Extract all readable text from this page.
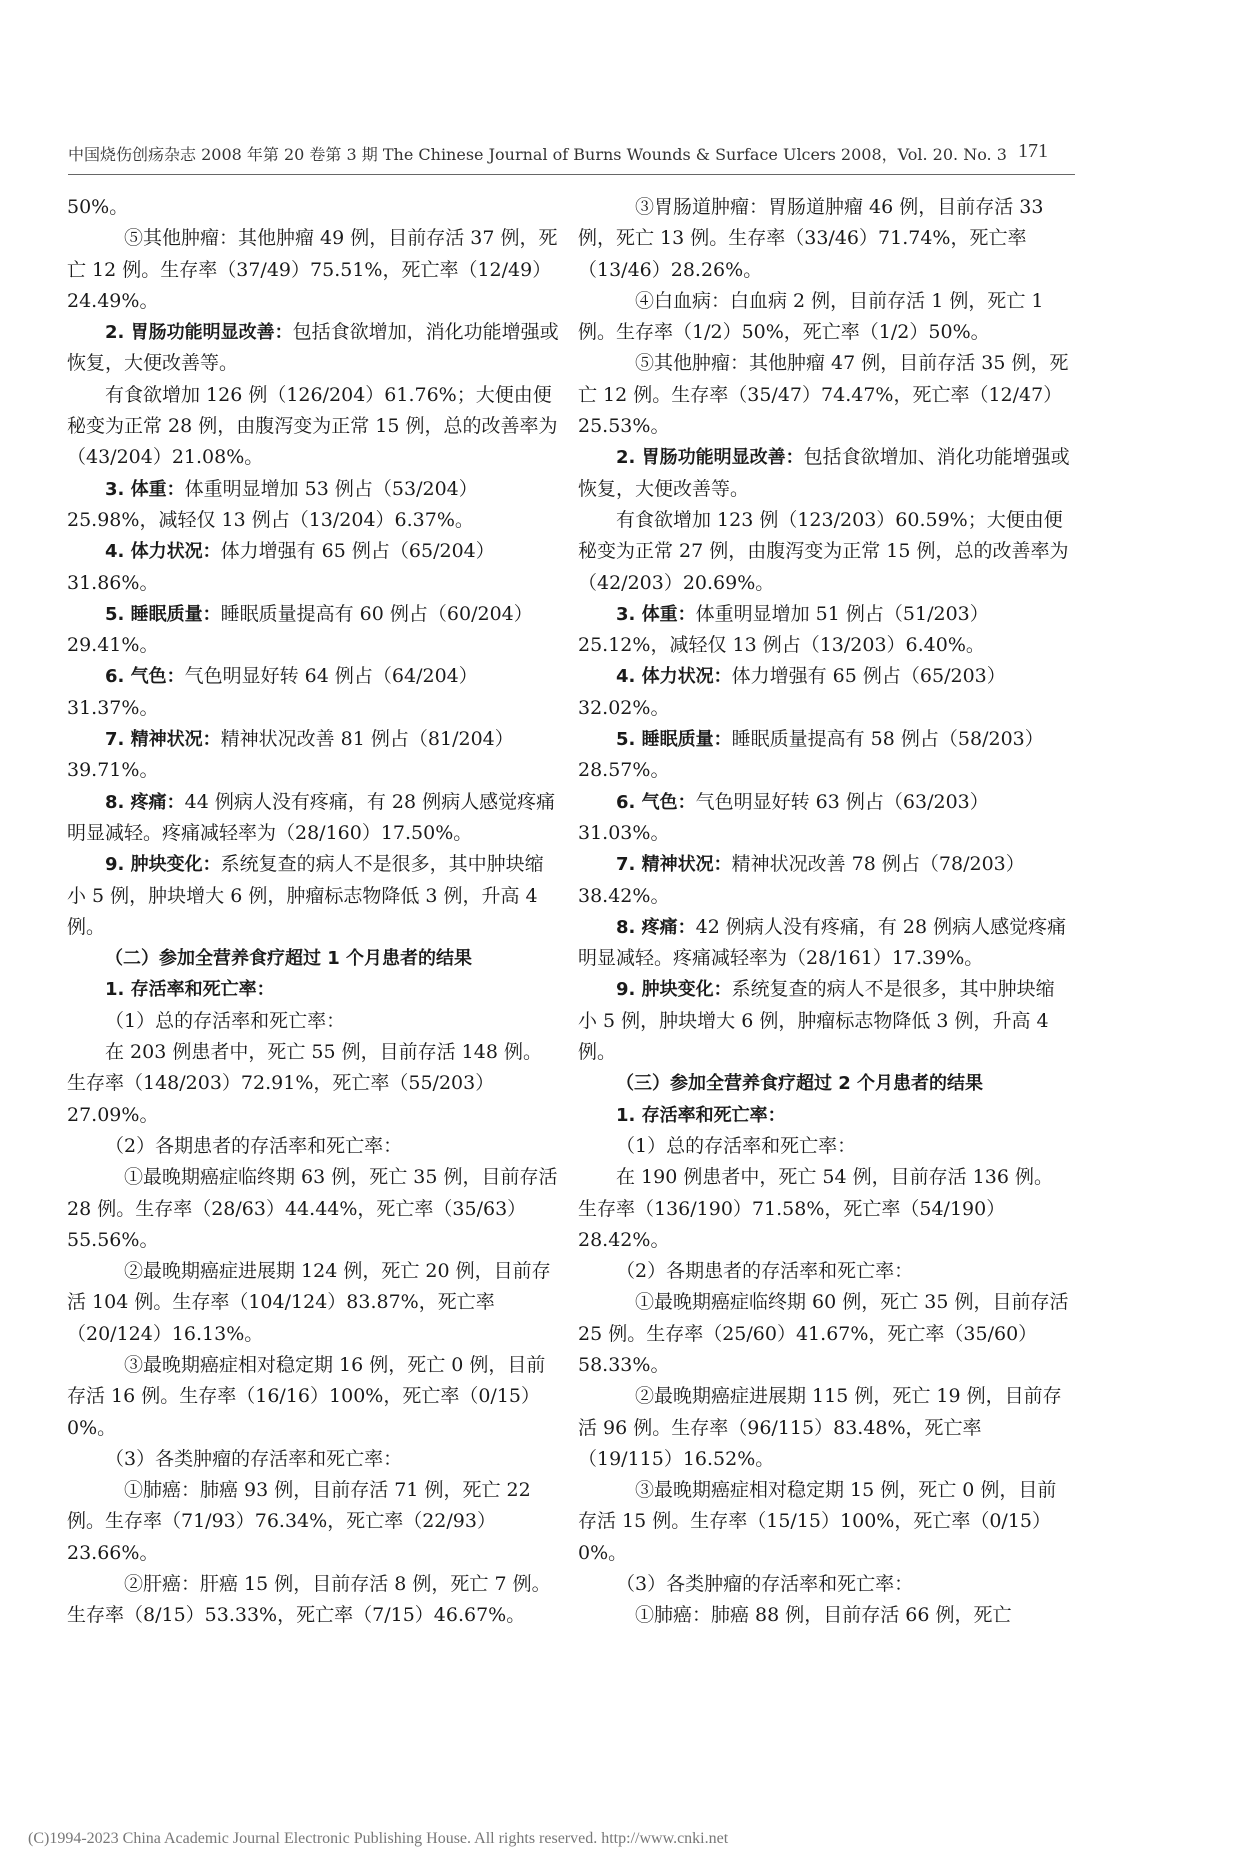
中国烧伤创疡杂志 2008 年第 20 卷第 3 期 The Chinese Journal of Burns Wounds & Surface Ulcers 2008，Vol. 20. No. 3 171

50%。

⑤其他肿瘤：其他肿瘤 49 例，目前存活 37 例，死亡 12 例。生存率（37/49）75.51%，死亡率（12/49）24.49%。

2. 胃肠功能明显改善：包括食欲增加，消化功能增强或恢复，大便改善等。

有食欲增加 126 例（126/204）61.76%；大便由便秘变为正常 28 例，由腹泻变为正常 15 例，总的改善率为（43/204）21.08%。

3. 体重：体重明显增加 53 例占（53/204）25.98%，减轻仅 13 例占（13/204）6.37%。

4. 体力状况：体力增强有 65 例占（65/204）31.86%。

5. 睡眠质量：睡眠质量提高有 60 例占（60/204）29.41%。

6. 气色：气色明显好转 64 例占（64/204）31.37%。

7. 精神状况：精神状况改善 81 例占（81/204）39.71%。

8. 疼痛：44 例病人没有疼痛，有 28 例病人感觉疼痛明显减轻。疼痛减轻率为（28/160）17.50%。

9. 肿块变化：系统复查的病人不是很多，其中肿块缩小 5 例，肿块增大 6 例，肿瘤标志物降低 3 例，升高 4 例。

（二）参加全营养食疗超过 1 个月患者的结果

1. 存活率和死亡率：

（1）总的存活率和死亡率：

在 203 例患者中，死亡 55 例，目前存活 148 例。生存率（148/203）72.91%，死亡率（55/203）27.09%。

（2）各期患者的存活率和死亡率：

①最晚期癌症临终期 63 例，死亡 35 例，目前存活 28 例。生存率（28/63）44.44%，死亡率（35/63）55.56%。

②最晚期癌症进展期 124 例，死亡 20 例，目前存活 104 例。生存率（104/124）83.87%，死亡率（20/124）16.13%。

③最晚期癌症相对稳定期 16 例，死亡 0 例，目前存活 16 例。生存率（16/16）100%，死亡率（0/15）0%。

（3）各类肿瘤的存活率和死亡率：

①肺癌：肺癌 93 例，目前存活 71 例，死亡 22 例。生存率（71/93）76.34%，死亡率（22/93）23.66%。

②肝癌：肝癌 15 例，目前存活 8 例，死亡 7 例。生存率（8/15）53.33%，死亡率（7/15）46.67%。

③胃肠道肿瘤：胃肠道肿瘤 46 例，目前存活 33 例，死亡 13 例。生存率（33/46）71.74%，死亡率（13/46）28.26%。

④白血病：白血病 2 例，目前存活 1 例，死亡 1 例。生存率（1/2）50%，死亡率（1/2）50%。

⑤其他肿瘤：其他肿瘤 47 例，目前存活 35 例，死亡 12 例。生存率（35/47）74.47%，死亡率（12/47）25.53%。

2. 胃肠功能明显改善：包括食欲增加、消化功能增强或恢复，大便改善等。

有食欲增加 123 例（123/203）60.59%；大便由便秘变为正常 27 例，由腹泻变为正常 15 例，总的改善率为（42/203）20.69%。

3. 体重：体重明显增加 51 例占（51/203）25.12%，减轻仅 13 例占（13/203）6.40%。

4. 体力状况：体力增强有 65 例占（65/203）32.02%。

5. 睡眠质量：睡眠质量提高有 58 例占（58/203）28.57%。

6. 气色：气色明显好转 63 例占（63/203）31.03%。

7. 精神状况：精神状况改善 78 例占（78/203）38.42%。

8. 疼痛：42 例病人没有疼痛，有 28 例病人感觉疼痛明显减轻。疼痛减轻率为（28/161）17.39%。

9. 肿块变化：系统复查的病人不是很多，其中肿块缩小 5 例，肿块增大 6 例，肿瘤标志物降低 3 例，升高 4 例。

（三）参加全营养食疗超过 2 个月患者的结果

1. 存活率和死亡率：

（1）总的存活率和死亡率：

在 190 例患者中，死亡 54 例，目前存活 136 例。生存率（136/190）71.58%，死亡率（54/190）28.42%。

（2）各期患者的存活率和死亡率：

①最晚期癌症临终期 60 例，死亡 35 例，目前存活 25 例。生存率（25/60）41.67%，死亡率（35/60）58.33%。

②最晚期癌症进展期 115 例，死亡 19 例，目前存活 96 例。生存率（96/115）83.48%，死亡率（19/115）16.52%。

③最晚期癌症相对稳定期 15 例，死亡 0 例，目前存活 15 例。生存率（15/15）100%，死亡率（0/15）0%。

（3）各类肿瘤的存活率和死亡率：

①肺癌：肺癌 88 例，目前存活 66 例，死亡

(C)1994-2023 China Academic Journal Electronic Publishing House. All rights reserved. http://www.cnki.net
